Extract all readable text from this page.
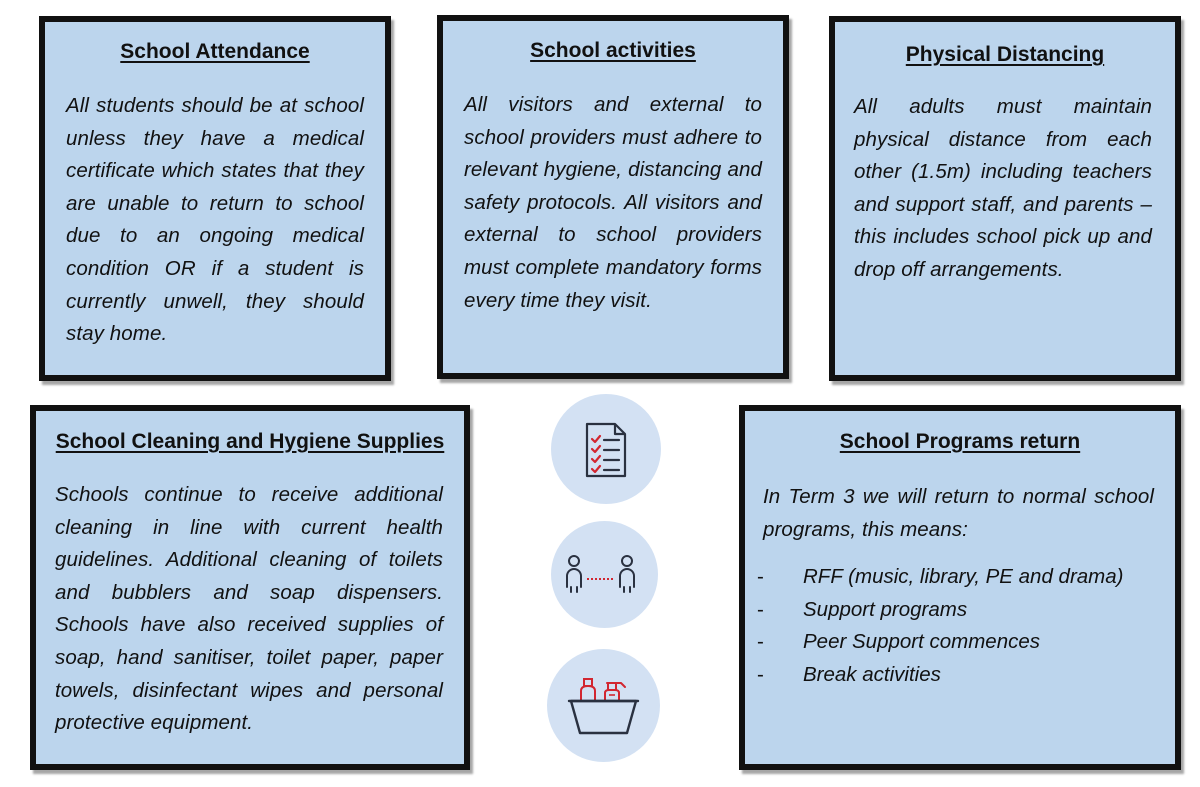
School Attendance

All students should be at school unless they have a medical certificate which states that they are unable to return to school due to an ongoing medical condition OR if a student is currently unwell, they should stay home.

School activities

All visitors and external to school providers must adhere to relevant hygiene, distancing and safety protocols. All visitors and external to school providers must complete mandatory forms every time they visit.

Physical Distancing

All adults must maintain physical distance from each other (1.5m) including teachers and support staff, and parents – this includes school pick up and drop off arrangements.

School Cleaning and Hygiene Supplies

Schools continue to receive additional cleaning in line with current health guidelines. Additional cleaning of toilets and bubblers and soap dispensers. Schools have also received supplies of soap, hand sanitiser, toilet paper, paper towels, disinfectant wipes and personal protective equipment.

School Programs return

In Term 3 we will return to normal school programs, this means:

- RFF (music, library, PE and drama)
- Support programs
- Peer Support commences
- Break activities
